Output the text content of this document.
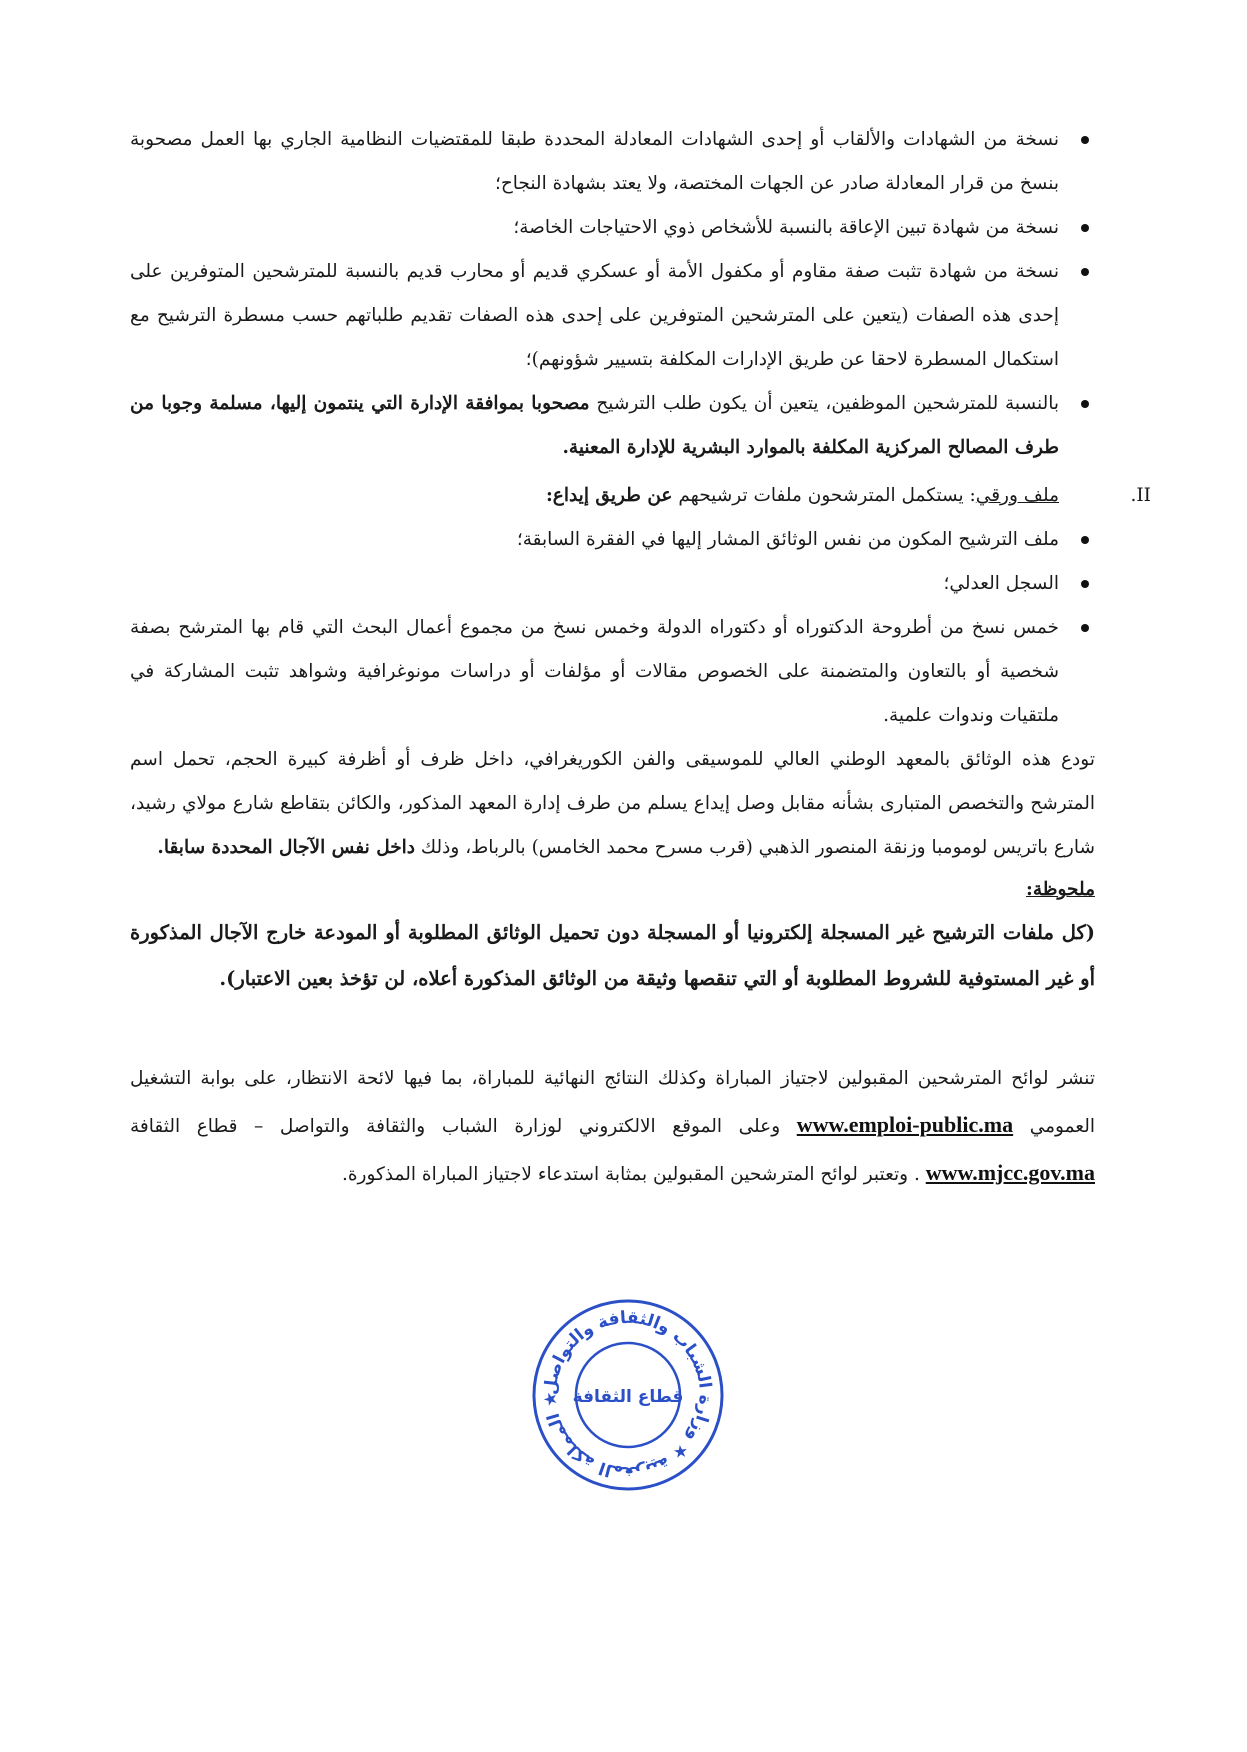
نسخة من الشهادات والألقاب أو إحدى الشهادات المعادلة المحددة طبقا للمقتضيات النظامية الجاري بها العمل مصحوبة بنسخ من قرار المعادلة صادر عن الجهات المختصة، ولا يعتد بشهادة النجاح؛
نسخة من شهادة تبين الإعاقة بالنسبة للأشخاص ذوي الاحتياجات الخاصة؛
نسخة من شهادة تثبت صفة مقاوم أو مكفول الأمة أو عسكري قديم أو محارب قديم بالنسبة للمترشحين المتوفرين على إحدى هذه الصفات (يتعين على المترشحين المتوفرين على إحدى هذه الصفات تقديم طلباتهم حسب مسطرة الترشيح مع استكمال المسطرة لاحقا عن طريق الإدارات المكلفة بتسيير شؤونهم)؛
بالنسبة للمترشحين الموظفين، يتعين أن يكون طلب الترشيح مصحوبا بموافقة الإدارة التي ينتمون إليها، مسلمة وجوبا من طرف المصالح المركزية المكلفة بالموارد البشرية للإدارة المعنية.
II.
ملف ورقي: يستكمل المترشحون ملفات ترشيحهم عن طريق إيداع:
ملف الترشيح المكون من نفس الوثائق المشار إليها في الفقرة السابقة؛
السجل العدلي؛
خمس نسخ من أطروحة الدكتوراه أو دكتوراه الدولة وخمس نسخ من مجموع أعمال البحث التي قام بها المترشح بصفة شخصية أو بالتعاون والمتضمنة على الخصوص مقالات أو مؤلفات أو دراسات مونوغرافية وشواهد تثبت المشاركة في ملتقيات وندوات علمية.

تودع هذه الوثائق بالمعهد الوطني العالي للموسيقى والفن الكوريغرافي، داخل ظرف أو أظرفة كبيرة الحجم، تحمل اسم المترشح والتخصص المتبارى بشأنه مقابل وصل إيداع يسلم من طرف إدارة المعهد المذكور، والكائن بتقاطع شارع مولاي رشيد، شارع باتريس لومومبا وزنقة المنصور الذهبي (قرب مسرح محمد الخامس) بالرباط، وذلك داخل نفس الآجال المحددة سابقا.

ملحوظة:

(كل ملفات الترشيح غير المسجلة إلكترونيا أو المسجلة دون تحميل الوثائق المطلوبة أو المودعة خارج الآجال المذكورة أو غير المستوفية للشروط المطلوبة أو التي تنقصها وثيقة من الوثائق المذكورة أعلاه، لن تؤخذ بعين الاعتبار).

تنشر لوائح المترشحين المقبولين لاجتياز المباراة وكذلك النتائج النهائية للمباراة، بما فيها لائحة الانتظار، على بوابة التشغيل العمومي www.emploi-public.ma وعلى الموقع الالكتروني لوزارة الشباب والثقافة والتواصل – قطاع الثقافة www.mjcc.gov.ma . وتعتبر لوائح المترشحين المقبولين بمثابة استدعاء لاجتياز المباراة المذكورة.

المملكة المغربية ★ وزارة الشباب والثقافة والتواصل ★ قطاع الثقافة
